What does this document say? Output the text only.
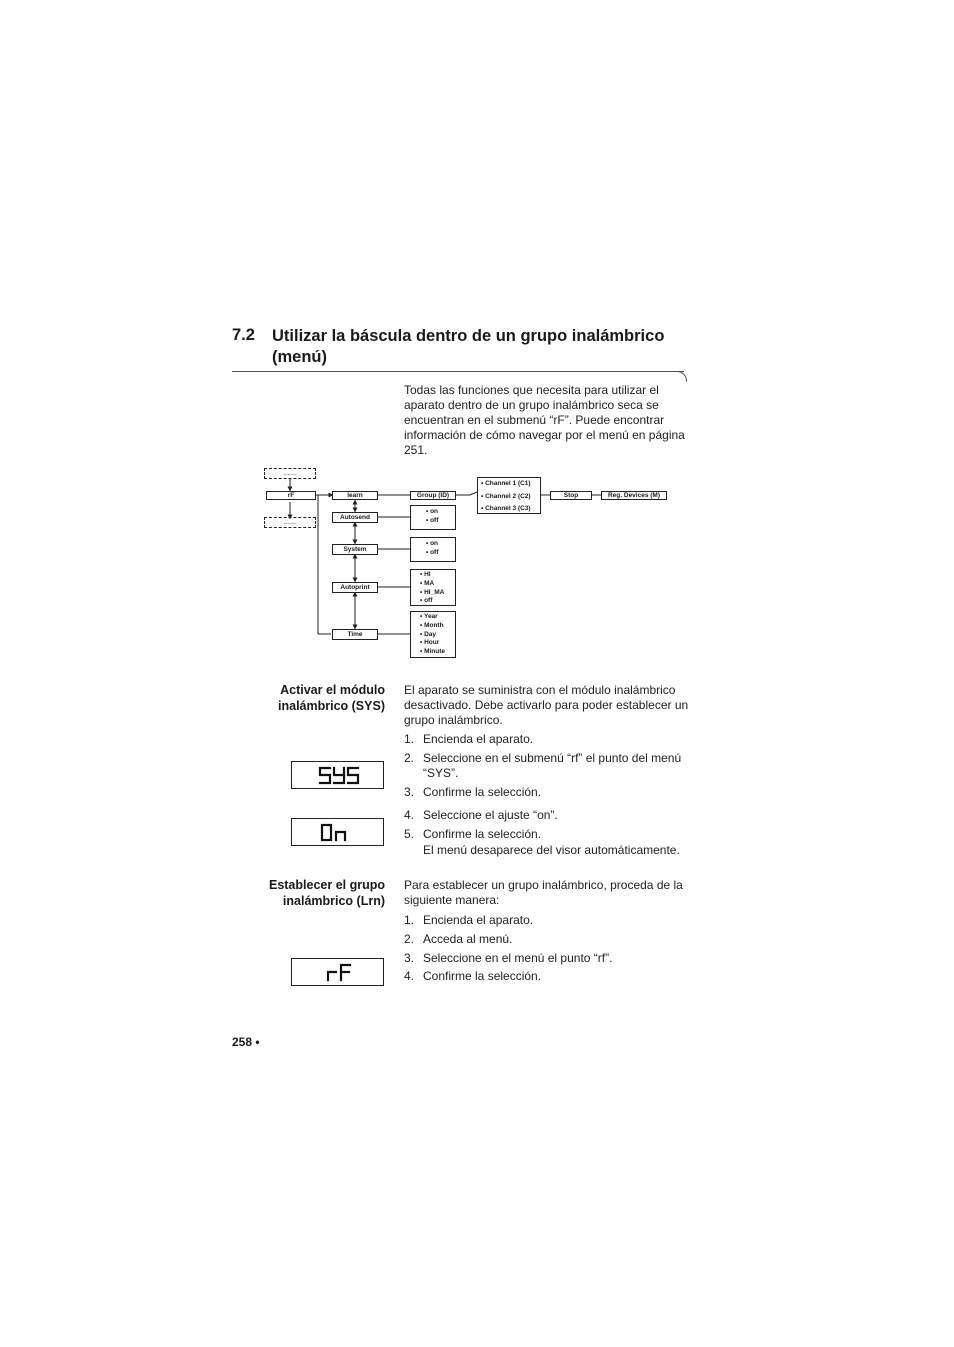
7.2 Utilizar la báscula dentro de un grupo inalámbrico (menú)
Todas las funciones que necesita para utilizar el aparato dentro de un grupo inalámbrico seca se encuentran en el submenú “rF”. Puede encontrar información de cómo navegar por el menú en página 251.
.......
.......
rF	learn
Autosend
System
Autoprint
Time
Group (ID)
• Channel 1 (C1)
• Channel 2 (C2)
• Channel 3 (C3)
Stop	Reg. Devices (M)
• on
• off
• on
• off
• HI
• MA
• HI_MA
• off
• Year
• Month
• Day
• Hour
• Minute
Activar el módulo
inalámbrico (SYS)
El aparato se suministra con el módulo inalámbrico desactivado. Debe activarlo para poder establecer un grupo inalámbrico.
1. Encienda el aparato.
2. Seleccione en el submenú “rf” el punto del menú “SYS”.
3. Confirme la selección.
4. Seleccione el ajuste “on”.
5. Confirme la selección.
El menú desaparece del visor automáticamente.
Establecer el grupo
inalámbrico (Lrn)
Para establecer un grupo inalámbrico, proceda de la siguiente manera:
1. Encienda el aparato.
2. Acceda al menú.
3. Seleccione en el menú el punto “rf”.
4. Confirme la selección.
258 •
